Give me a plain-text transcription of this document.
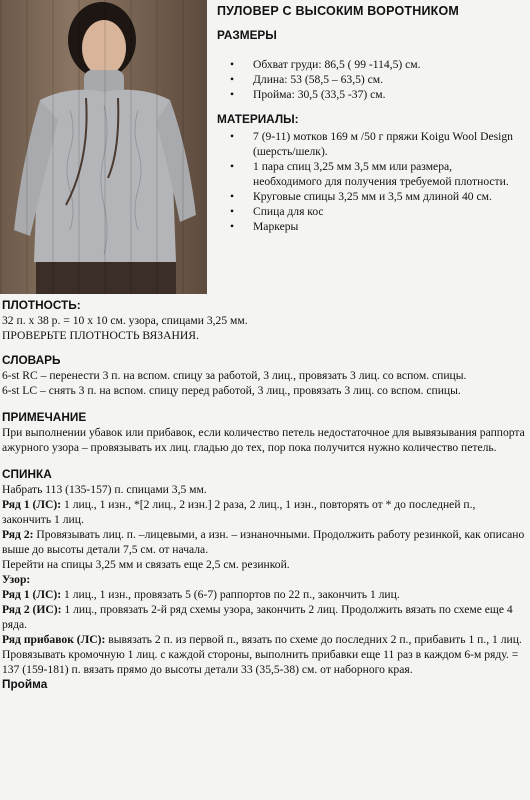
ПУЛОВЕР С ВЫСОКИМ ВОРОТНИКОМ
РАЗМЕРЫ
• Обхват груди: 86,5 ( 99 -114,5) см.
• Длина: 53 (58,5 – 63,5) см.
• Пройма: 30,5 (33,5 -37) см.
МАТЕРИАЛЫ:
• 7 (9-11) мотков 169 м /50 г пряжи Koigu Wool Design (шерсть/шелк).
• 1 пара спиц 3,25 мм 3,5 мм или размера, необходимого для получения требуемой плотности.
• Круговые спицы 3,25 мм и 3,5 мм длиной 40 см.
• Спица для кос
• Маркеры
ПЛОТНОСТЬ:

32 п. х 38 р. = 10 х 10 см. узора, спицами 3,25 мм.

ПРОВЕРЬТЕ ПЛОТНОСТЬ ВЯЗАНИЯ.

СЛОВАРЬ

6-st RC – перенести 3 п. на вспом. спицу за работой, 3 лиц., провязать 3 лиц. со вспом. спицы.

6-st LC – снять 3 п. на вспом. спицу перед работой, 3 лиц., провязать 3 лиц. со вспом. спицы.

ПРИМЕЧАНИЕ

При выполнении убавок или прибавок, если количество петель недостаточное для вывязывания раппорта ажурного узора – провязывать их лиц. гладью до тех, пор пока получится нужно количество петель.

СПИНКА

Набрать 113 (135-157) п. спицами 3,5 мм.

Ряд 1 (ЛС): 1 лиц., 1 изн., *[2 лиц., 2 изн.] 2 раза, 2 лиц., 1 изн., повторять от * до последней п., закончить 1 лиц.

Ряд 2: Провязывать лиц. п. –лицевыми, а изн. – изнаночными. Продолжить работу резинкой, как описано выше до высоты детали 7,5 см. от начала.

Перейти на спицы 3,25 мм и связать еще 2,5 см. резинкой.

Узор:

Ряд 1 (ЛС): 1 лиц., 1 изн., провязать 5 (6-7) раппортов по 22 п., закончить 1 лиц.

Ряд 2 (ИС): 1 лиц., провязать 2-й ряд схемы узора, закончить 2 лиц. Продолжить вязать по схеме еще 4 ряда.

Ряд прибавок (ЛС): вывязать 2 п. из первой п., вязать по схеме до последних 2 п., прибавить 1 п., 1 лиц.

Провязывать кромочную 1 лиц. с каждой стороны, выполнить прибавки еще 11 раз в каждом 6-м ряду. = 137 (159-181) п. вязать прямо до высоты детали 33 (35,5-38) см. от наборного края.

Пройма
